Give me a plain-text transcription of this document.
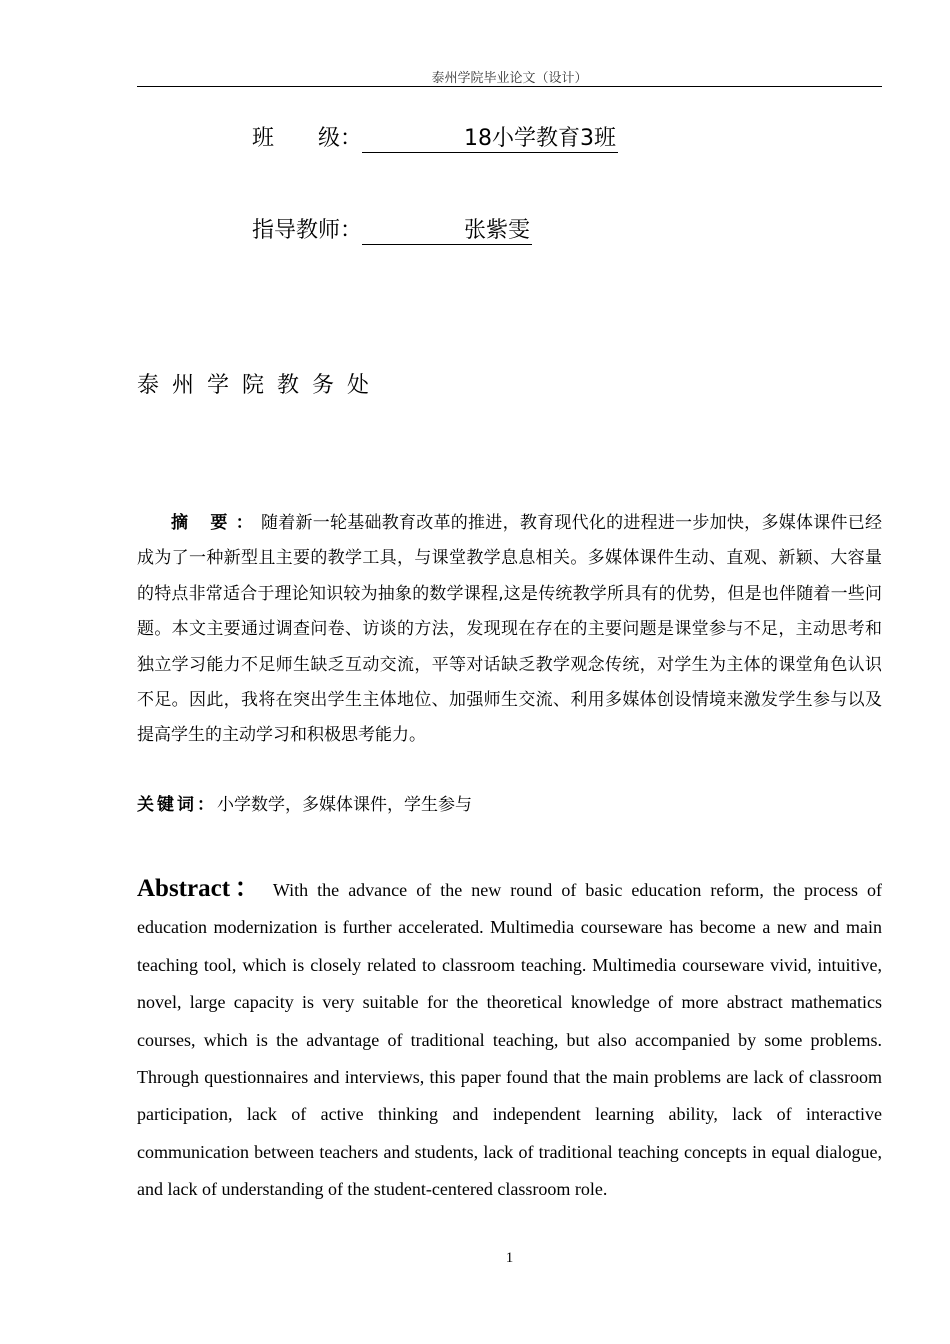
泰州学院毕业论文（设计）
班　　级：	18小学教育3班
指导教师：	张紫雯
泰州学院教务处
摘 要：随着新一轮基础教育改革的推进，教育现代化的进程进一步加快，多媒体课件已经成为了一种新型且主要的教学工具，与课堂教学息息相关。多媒体课件生动、直观、新颖、大容量的特点非常适合于理论知识较为抽象的数学课程,这是传统教学所具有的优势，但是也伴随着一些问题。本文主要通过调查问卷、访谈的方法，发现现在存在的主要问题是课堂参与不足，主动思考和独立学习能力不足师生缺乏互动交流，平等对话缺乏教学观念传统，对学生为主体的课堂角色认识不足。因此，我将在突出学生主体地位、加强师生交流、利用多媒体创设情境来激发学生参与以及提高学生的主动学习和积极思考能力。
关键词：小学数学，多媒体课件，学生参与
Abstract： With the advance of the new round of basic education reform, the process of education modernization is further accelerated. Multimedia courseware has become a new and main teaching tool, which is closely related to classroom teaching. Multimedia courseware vivid, intuitive, novel, large capacity is very suitable for the theoretical knowledge of more abstract mathematics courses, which is the advantage of traditional teaching, but also accompanied by some problems. Through questionnaires and interviews, this paper found that the main problems are lack of classroom participation, lack of active thinking and independent learning ability, lack of interactive communication between teachers and students, lack of traditional teaching concepts in equal dialogue, and lack of understanding of the student-centered classroom role.
1
